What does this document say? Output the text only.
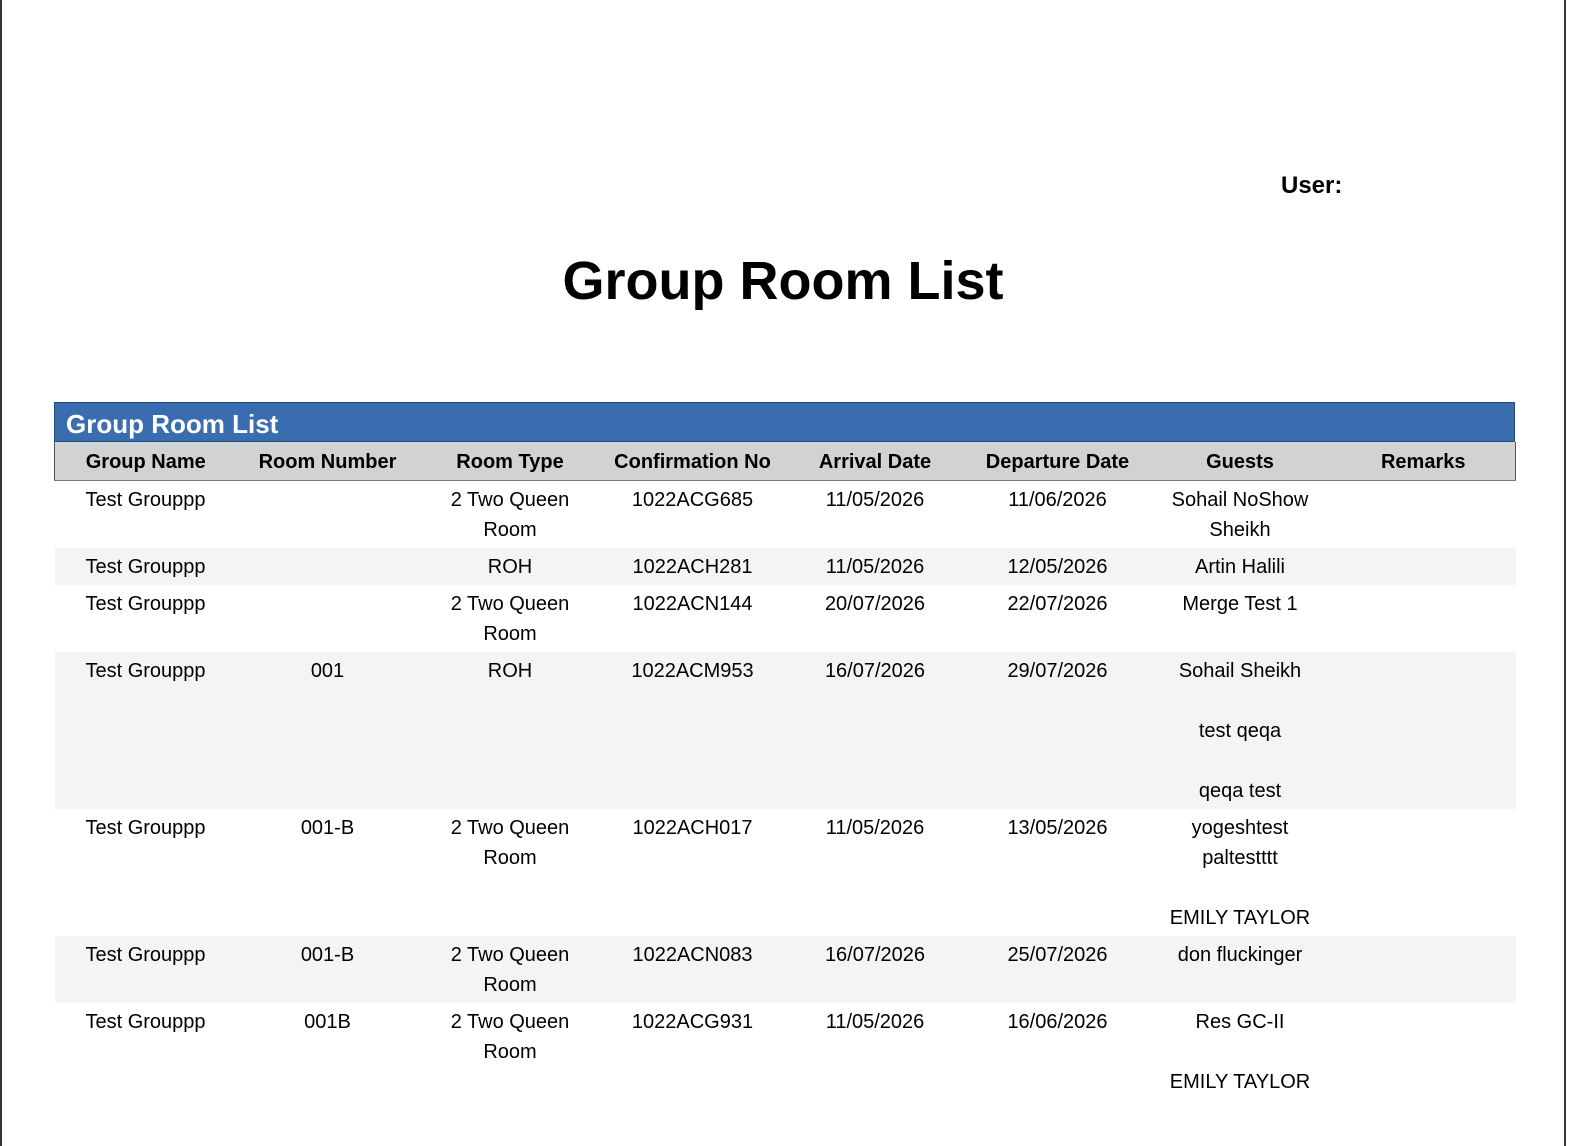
User:
Group Room List
Group Room List
Group Name	Room Number	Room Type	Confirmation No	Arrival Date	Departure Date	Guests	Remarks
Test Grouppp		2 Two Queen Room	1022ACG685	11/05/2026	11/06/2026	Sohail NoShow Sheikh	

Test Grouppp		ROH	1022ACH281	11/05/2026	12/05/2026	Artin Halili	

Test Grouppp		2 Two Queen Room	1022ACN144	20/07/2026	22/07/2026	Merge Test 1	

Test Grouppp	001	ROH	1022ACM953	16/07/2026	29/07/2026	Sohail Sheikh
test qeqa
qeqa test	

Test Grouppp	001-B	2 Two Queen Room	1022ACH017	11/05/2026	13/05/2026	yogeshtest paltestttt
EMILY TAYLOR	

Test Grouppp	001-B	2 Two Queen Room	1022ACN083	16/07/2026	25/07/2026	don fluckinger	

Test Grouppp	001B	2 Two Queen Room	1022ACG931	11/05/2026	16/06/2026	Res GC-II
EMILY TAYLOR	
